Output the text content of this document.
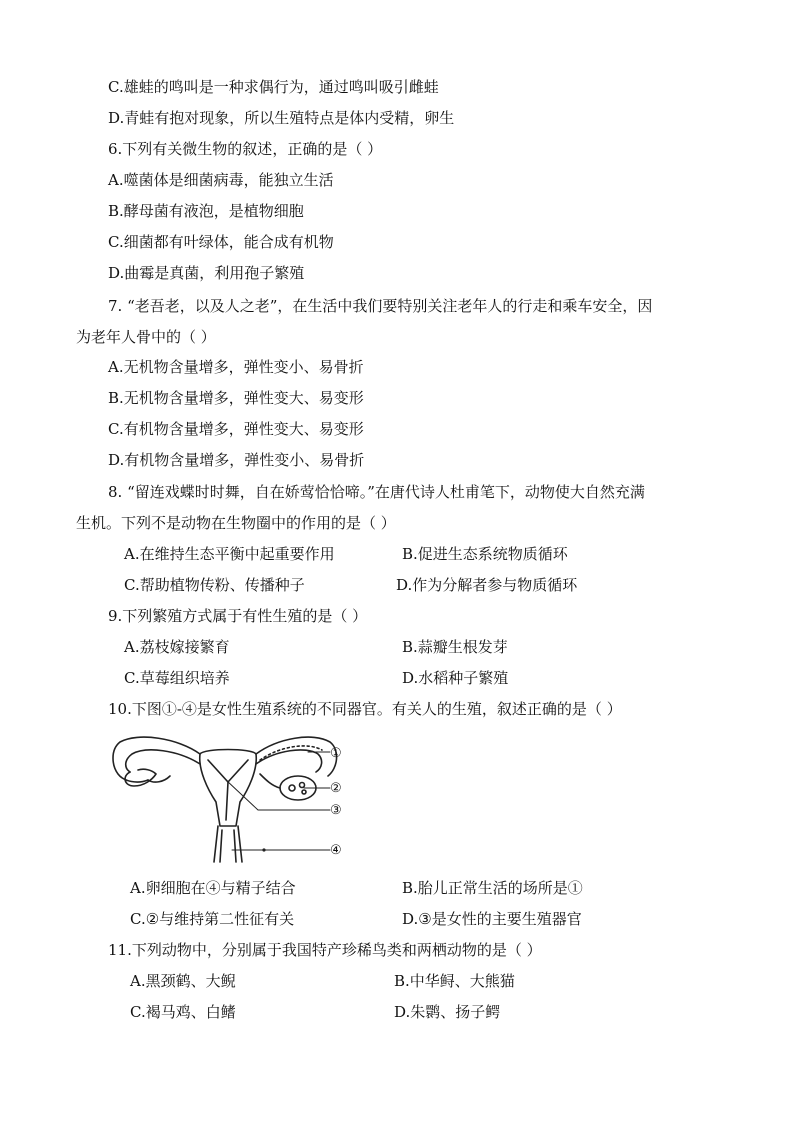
C.雄蛙的鸣叫是一种求偶行为，通过鸣叫吸引雌蛙
D.青蛙有抱对现象，所以生殖特点是体内受精，卵生
6.下列有关微生物的叙述，正确的是（ ）
A.噬菌体是细菌病毒，能独立生活
B.酵母菌有液泡，是植物细胞
C.细菌都有叶绿体，能合成有机物
D.曲霉是真菌，利用孢子繁殖
7. “老吾老，以及人之老”，在生活中我们要特别关注老年人的行走和乘车安全，因
为老年人骨中的（ ）
A.无机物含量增多，弹性变小、易骨折
B.无机物含量增多，弹性变大、易变形
C.有机物含量增多，弹性变大、易变形
D.有机物含量增多，弹性变小、易骨折
8. “留连戏蝶时时舞，自在娇莺恰恰啼。”在唐代诗人杜甫笔下，动物使大自然充满
生机。下列不是动物在生物圈中的作用的是（ ）
A.在维持生态平衡中起重要作用	B.促进生态系统物质循环
C.帮助植物传粉、传播种子	D.作为分解者参与物质循环
9.下列繁殖方式属于有性生殖的是（ ）
A.荔枝嫁接繁育	B.蒜瓣生根发芽
C.草莓组织培养	D.水稻种子繁殖
10.下图①-④是女性生殖系统的不同器官。有关人的生殖，叙述正确的是（ ）
①
②
③
④
A.卵细胞在④与精子结合	B.胎儿正常生活的场所是①
C.②与维持第二性征有关	D.③是女性的主要生殖器官
11.下列动物中，分别属于我国特产珍稀鸟类和两栖动物的是（ ）
A.黑颈鹤、大鲵	B.中华鲟、大熊猫
C.褐马鸡、白鳍	D.朱鹮、扬子鳄
